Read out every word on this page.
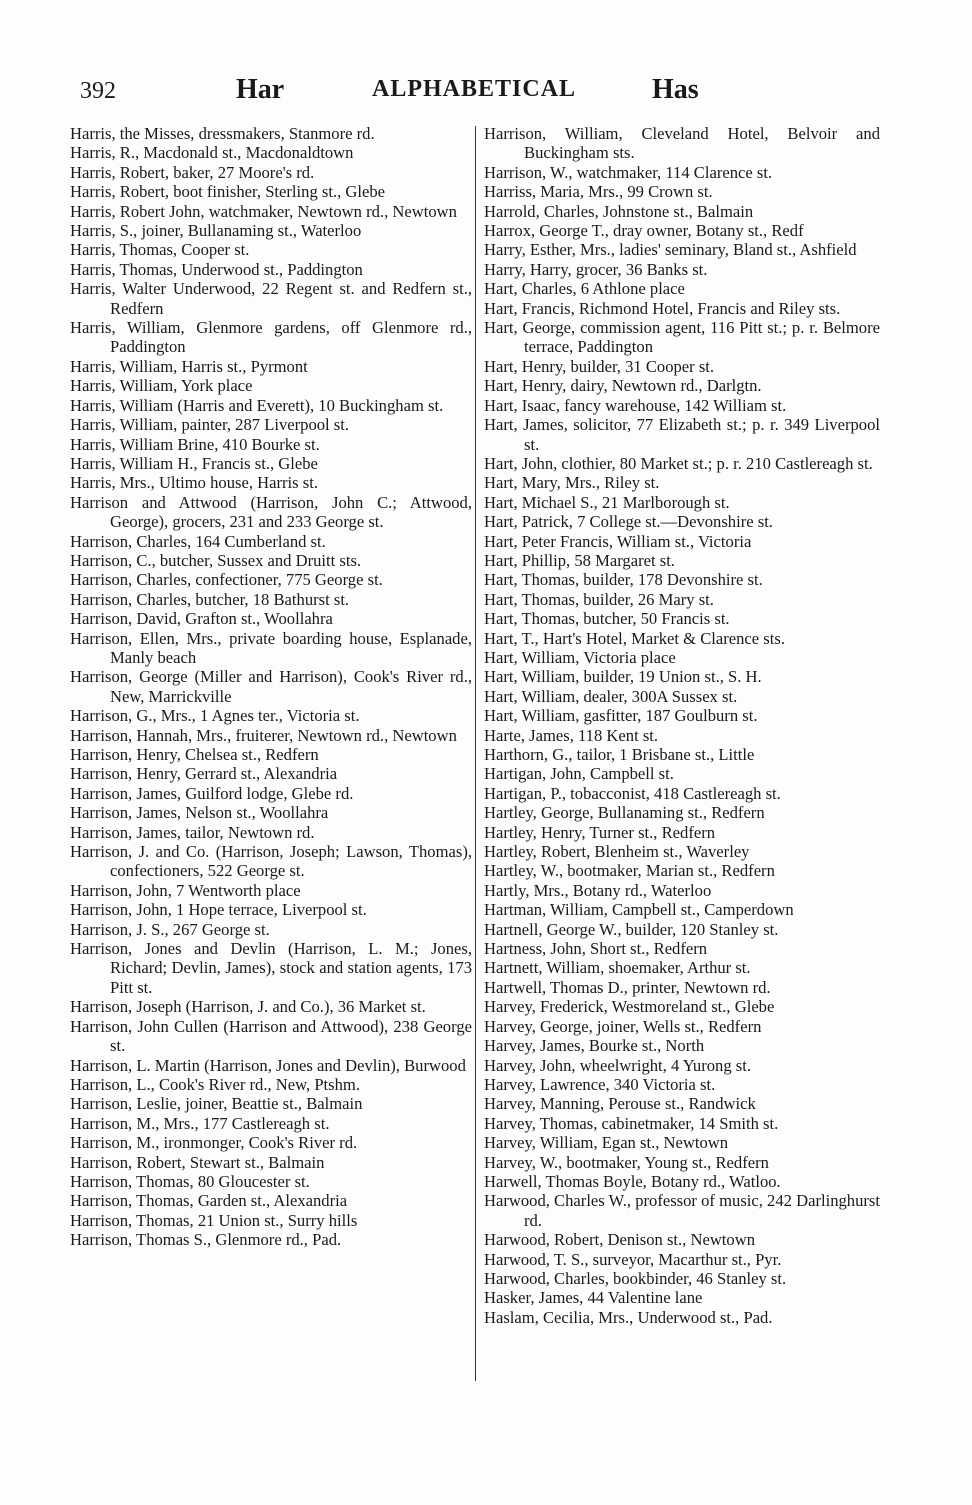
392	Har	ALPHABETICAL	Has

Harris, the Misses, dressmakers, Stanmore rd.

Harris, R., Macdonald st., Macdonaldtown

Harris, Robert, baker, 27 Moore's rd.

Harris, Robert, boot finisher, Sterling st., Glebe

Harris, Robert John, watchmaker, Newtown rd., Newtown

Harris, S., joiner, Bullanaming st., Waterloo

Harris, Thomas, Cooper st.

Harris, Thomas, Underwood st., Paddington

Harris, Walter Underwood, 22 Regent st. and Redfern st., Redfern

Harris, William, Glenmore gardens, off Glenmore rd., Paddington

Harris, William, Harris st., Pyrmont

Harris, William, York place

Harris, William (Harris and Everett), 10 Buckingham st.

Harris, William, painter, 287 Liverpool st.

Harris, William Brine, 410 Bourke st.

Harris, William H., Francis st., Glebe

Harris, Mrs., Ultimo house, Harris st.

Harrison and Attwood (Harrison, John C.; Attwood, George), grocers, 231 and 233 George st.

Harrison, Charles, 164 Cumberland st.

Harrison, C., butcher, Sussex and Druitt sts.

Harrison, Charles, confectioner, 775 George st.

Harrison, Charles, butcher, 18 Bathurst st.

Harrison, David, Grafton st., Woollahra

Harrison, Ellen, Mrs., private boarding house, Esplanade, Manly beach

Harrison, George (Miller and Harrison), Cook's River rd., New, Marrickville

Harrison, G., Mrs., 1 Agnes ter., Victoria st.

Harrison, Hannah, Mrs., fruiterer, Newtown rd., Newtown

Harrison, Henry, Chelsea st., Redfern

Harrison, Henry, Gerrard st., Alexandria

Harrison, James, Guilford lodge, Glebe rd.

Harrison, James, Nelson st., Woollahra

Harrison, James, tailor, Newtown rd.

Harrison, J. and Co. (Harrison, Joseph; Lawson, Thomas), confectioners, 522 George st.

Harrison, John, 7 Wentworth place

Harrison, John, 1 Hope terrace, Liverpool st.

Harrison, J. S., 267 George st.

Harrison, Jones and Devlin (Harrison, L. M.; Jones, Richard; Devlin, James), stock and station agents, 173 Pitt st.

Harrison, Joseph (Harrison, J. and Co.), 36 Market st.

Harrison, John Cullen (Harrison and Attwood), 238 George st.

Harrison, L. Martin (Harrison, Jones and Devlin), Burwood

Harrison, L., Cook's River rd., New, Ptshm.

Harrison, Leslie, joiner, Beattie st., Balmain

Harrison, M., Mrs., 177 Castlereagh st.

Harrison, M., ironmonger, Cook's River rd.

Harrison, Robert, Stewart st., Balmain

Harrison, Thomas, 80 Gloucester st.

Harrison, Thomas, Garden st., Alexandria

Harrison, Thomas, 21 Union st., Surry hills

Harrison, Thomas S., Glenmore rd., Pad.

Harrison, William, Cleveland Hotel, Belvoir and Buckingham sts.

Harrison, W., watchmaker, 114 Clarence st.

Harriss, Maria, Mrs., 99 Crown st.

Harrold, Charles, Johnstone st., Balmain

Harrox, George T., dray owner, Botany st., Redf

Harry, Esther, Mrs., ladies' seminary, Bland st., Ashfield

Harry, Harry, grocer, 36 Banks st.

Hart, Charles, 6 Athlone place

Hart, Francis, Richmond Hotel, Francis and Riley sts.

Hart, George, commission agent, 116 Pitt st.; p. r. Belmore terrace, Paddington

Hart, Henry, builder, 31 Cooper st.

Hart, Henry, dairy, Newtown rd., Darlgtn.

Hart, Isaac, fancy warehouse, 142 William st.

Hart, James, solicitor, 77 Elizabeth st.; p. r. 349 Liverpool st.

Hart, John, clothier, 80 Market st.; p. r. 210 Castlereagh st.

Hart, Mary, Mrs., Riley st.

Hart, Michael S., 21 Marlborough st.

Hart, Patrick, 7 College st.—Devonshire st.

Hart, Peter Francis, William st., Victoria

Hart, Phillip, 58 Margaret st.

Hart, Thomas, builder, 178 Devonshire st.

Hart, Thomas, builder, 26 Mary st.

Hart, Thomas, butcher, 50 Francis st.

Hart, T., Hart's Hotel, Market & Clarence sts.

Hart, William, Victoria place

Hart, William, builder, 19 Union st., S. H.

Hart, William, dealer, 300A Sussex st.

Hart, William, gasfitter, 187 Goulburn st.

Harte, James, 118 Kent st.

Harthorn, G., tailor, 1 Brisbane st., Little

Hartigan, John, Campbell st.

Hartigan, P., tobacconist, 418 Castlereagh st.

Hartley, George, Bullanaming st., Redfern

Hartley, Henry, Turner st., Redfern

Hartley, Robert, Blenheim st., Waverley

Hartley, W., bootmaker, Marian st., Redfern

Hartly, Mrs., Botany rd., Waterloo

Hartman, William, Campbell st., Camperdown

Hartnell, George W., builder, 120 Stanley st.

Hartness, John, Short st., Redfern

Hartnett, William, shoemaker, Arthur st.

Hartwell, Thomas D., printer, Newtown rd.

Harvey, Frederick, Westmoreland st., Glebe

Harvey, George, joiner, Wells st., Redfern

Harvey, James, Bourke st., North

Harvey, John, wheelwright, 4 Yurong st.

Harvey, Lawrence, 340 Victoria st.

Harvey, Manning, Perouse st., Randwick

Harvey, Thomas, cabinetmaker, 14 Smith st.

Harvey, William, Egan st., Newtown

Harvey, W., bootmaker, Young st., Redfern

Harwell, Thomas Boyle, Botany rd., Watloo.

Harwood, Charles W., professor of music, 242 Darlinghurst rd.

Harwood, Robert, Denison st., Newtown

Harwood, T. S., surveyor, Macarthur st., Pyr.

Harwood, Charles, bookbinder, 46 Stanley st.

Hasker, James, 44 Valentine lane

Haslam, Cecilia, Mrs., Underwood st., Pad.
